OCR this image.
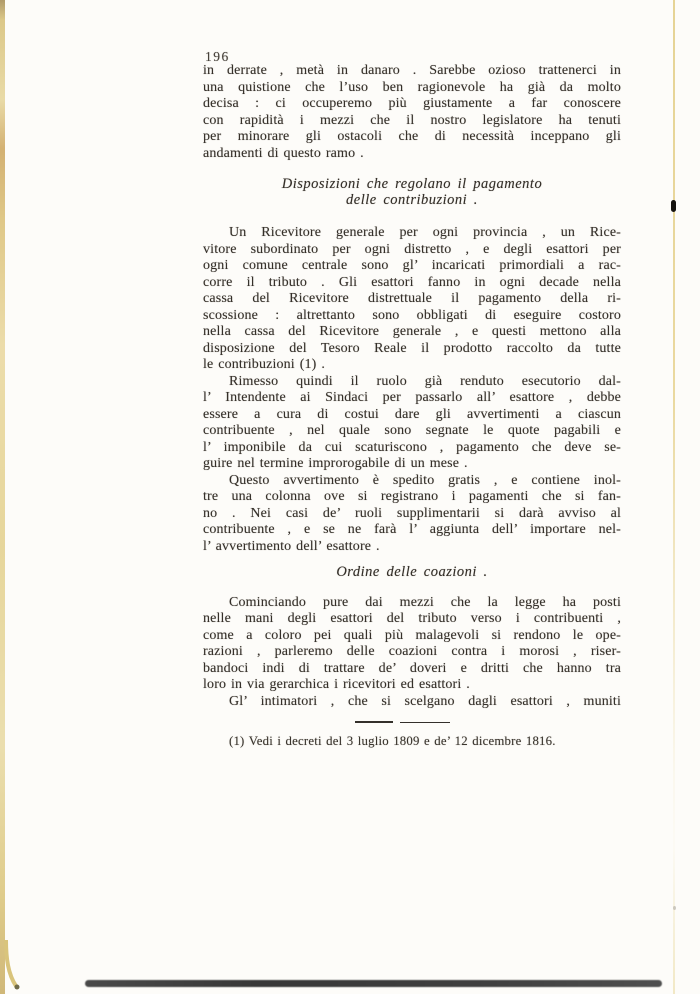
196
in derrate , metà in danaro . Sarebbe ozioso trattenerci in
una quistione che l’uso ben ragionevole ha già da molto
decisa : ci occuperemo più giustamente a far conoscere
con rapidità i mezzi che il nostro legislatore ha tenuti
per minorare gli ostacoli che di necessità inceppano gli
andamenti di questo ramo .
Disposizioni che regolano il pagamento
delle contribuzioni .
Un Ricevitore generale per ogni provincia , un Rice-
vitore subordinato per ogni distretto , e degli esattori per
ogni comune centrale sono gl’ incaricati primordiali a rac-
corre il tributo . Gli esattori fanno in ogni decade nella
cassa del Ricevitore distrettuale il pagamento della ri-
scossione : altrettanto sono obbligati di eseguire costoro
nella cassa del Ricevitore generale , e questi mettono alla
disposizione del Tesoro Reale il prodotto raccolto da tutte
le contribuzioni (1) .
Rimesso quindi il ruolo già renduto esecutorio dal-
l’ Intendente ai Sindaci per passarlo all’ esattore , debbe
essere a cura di costui dare gli avvertimenti a ciascun
contribuente , nel quale sono segnate le quote pagabili e
l’ imponibile da cui scaturiscono , pagamento che deve se-
guire nel termine improrogabile di un mese .
Questo avvertimento è spedito gratis , e contiene inol-
tre una colonna ove si registrano i pagamenti che si fan-
no . Nei casi de’ ruoli supplimentarii si darà avviso al
contribuente , e se ne farà l’ aggiunta dell’ importare nel-
l’ avvertimento dell’ esattore .
Ordine delle coazioni .
Cominciando pure dai mezzi che la legge ha posti
nelle mani degli esattori del tributo verso i contribuenti ,
come a coloro pei quali più malagevoli si rendono le ope-
razioni , parleremo delle coazioni contra i morosi , riser-
bandoci indi di trattare de’ doveri e dritti che hanno tra
loro in via gerarchica i ricevitori ed esattori .
Gl’ intimatori , che si scelgano dagli esattori , muniti
(1) Vedi i decreti del 3 luglio 1809 e de’ 12 dicembre 1816.
